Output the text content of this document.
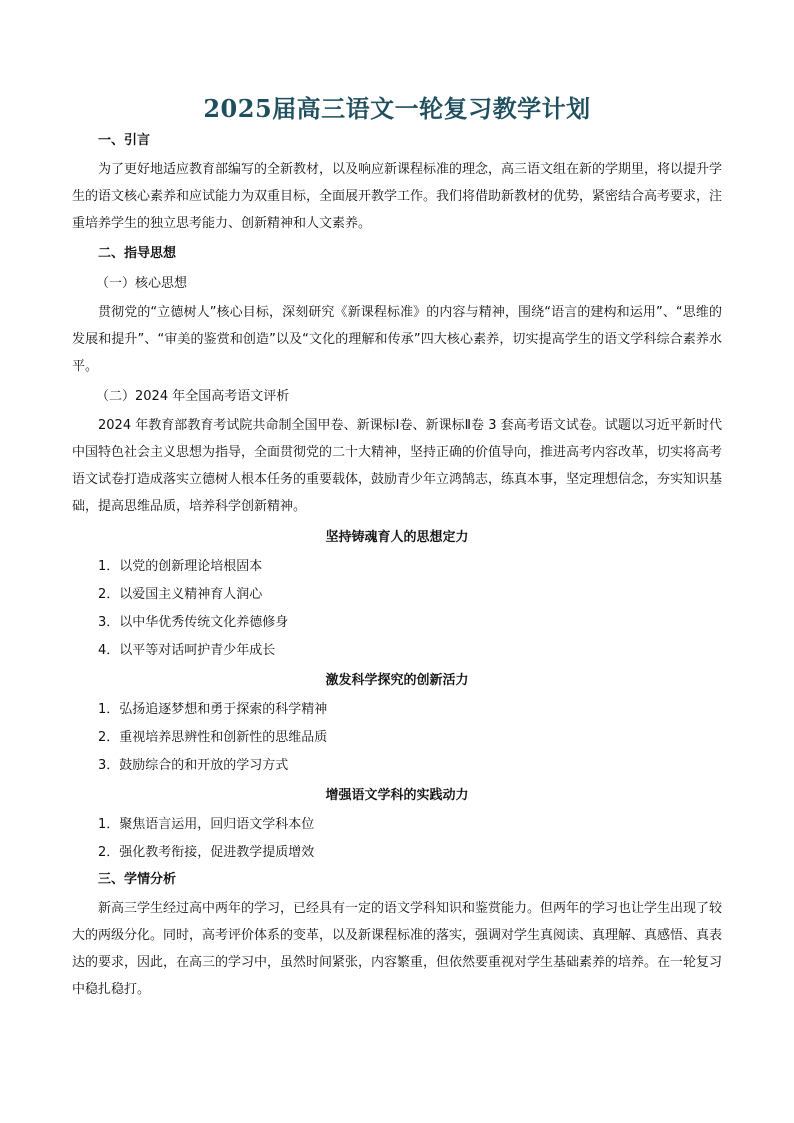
2025届高三语文一轮复习教学计划
一、引言

为了更好地适应教育部编写的全新教材，以及响应新课程标准的理念，高三语文组在新的学期里，将以提升学生的语文核心素养和应试能力为双重目标，全面展开教学工作。我们将借助新教材的优势，紧密结合高考要求，注重培养学生的独立思考能力、创新精神和人文素养。

二、指导思想
（一）核心思想

贯彻党的“立德树人”核心目标，深刻研究《新课程标准》的内容与精神，围绕“语言的建构和运用”、“思维的发展和提升”、“审美的鉴赏和创造”以及“文化的理解和传承”四大核心素养，切实提高学生的语文学科综合素养水平。

（二）2024 年全国高考语文评析

2024 年教育部教育考试院共命制全国甲卷、新课标Ⅰ卷、新课标Ⅱ卷 3 套高考语文试卷。试题以习近平新时代中国特色社会主义思想为指导，全面贯彻党的二十大精神，坚持正确的价值导向，推进高考内容改革，切实将高考语文试卷打造成落实立德树人根本任务的重要载体，鼓励青少年立鸿鹄志，练真本事，坚定理想信念，夯实知识基础，提高思维品质，培养科学创新精神。

坚持铸魂育人的思想定力
1．以党的创新理论培根固本
2．以爱国主义精神育人润心
3．以中华优秀传统文化养德修身
4．以平等对话呵护青少年成长
激发科学探究的创新活力
1．弘扬追逐梦想和勇于探索的科学精神
2．重视培养思辨性和创新性的思维品质
3．鼓励综合的和开放的学习方式
增强语文学科的实践动力
1．聚焦语言运用，回归语文学科本位
2．强化教考衔接，促进教学提质增效
三、学情分析

新高三学生经过高中两年的学习，已经具有一定的语文学科知识和鉴赏能力。但两年的学习也让学生出现了较大的两级分化。同时，高考评价体系的变革，以及新课程标准的落实，强调对学生真阅读、真理解、真感悟、真表达的要求，因此，在高三的学习中，虽然时间紧张，内容繁重，但依然要重视对学生基础素养的培养。在一轮复习中稳扎稳打。
